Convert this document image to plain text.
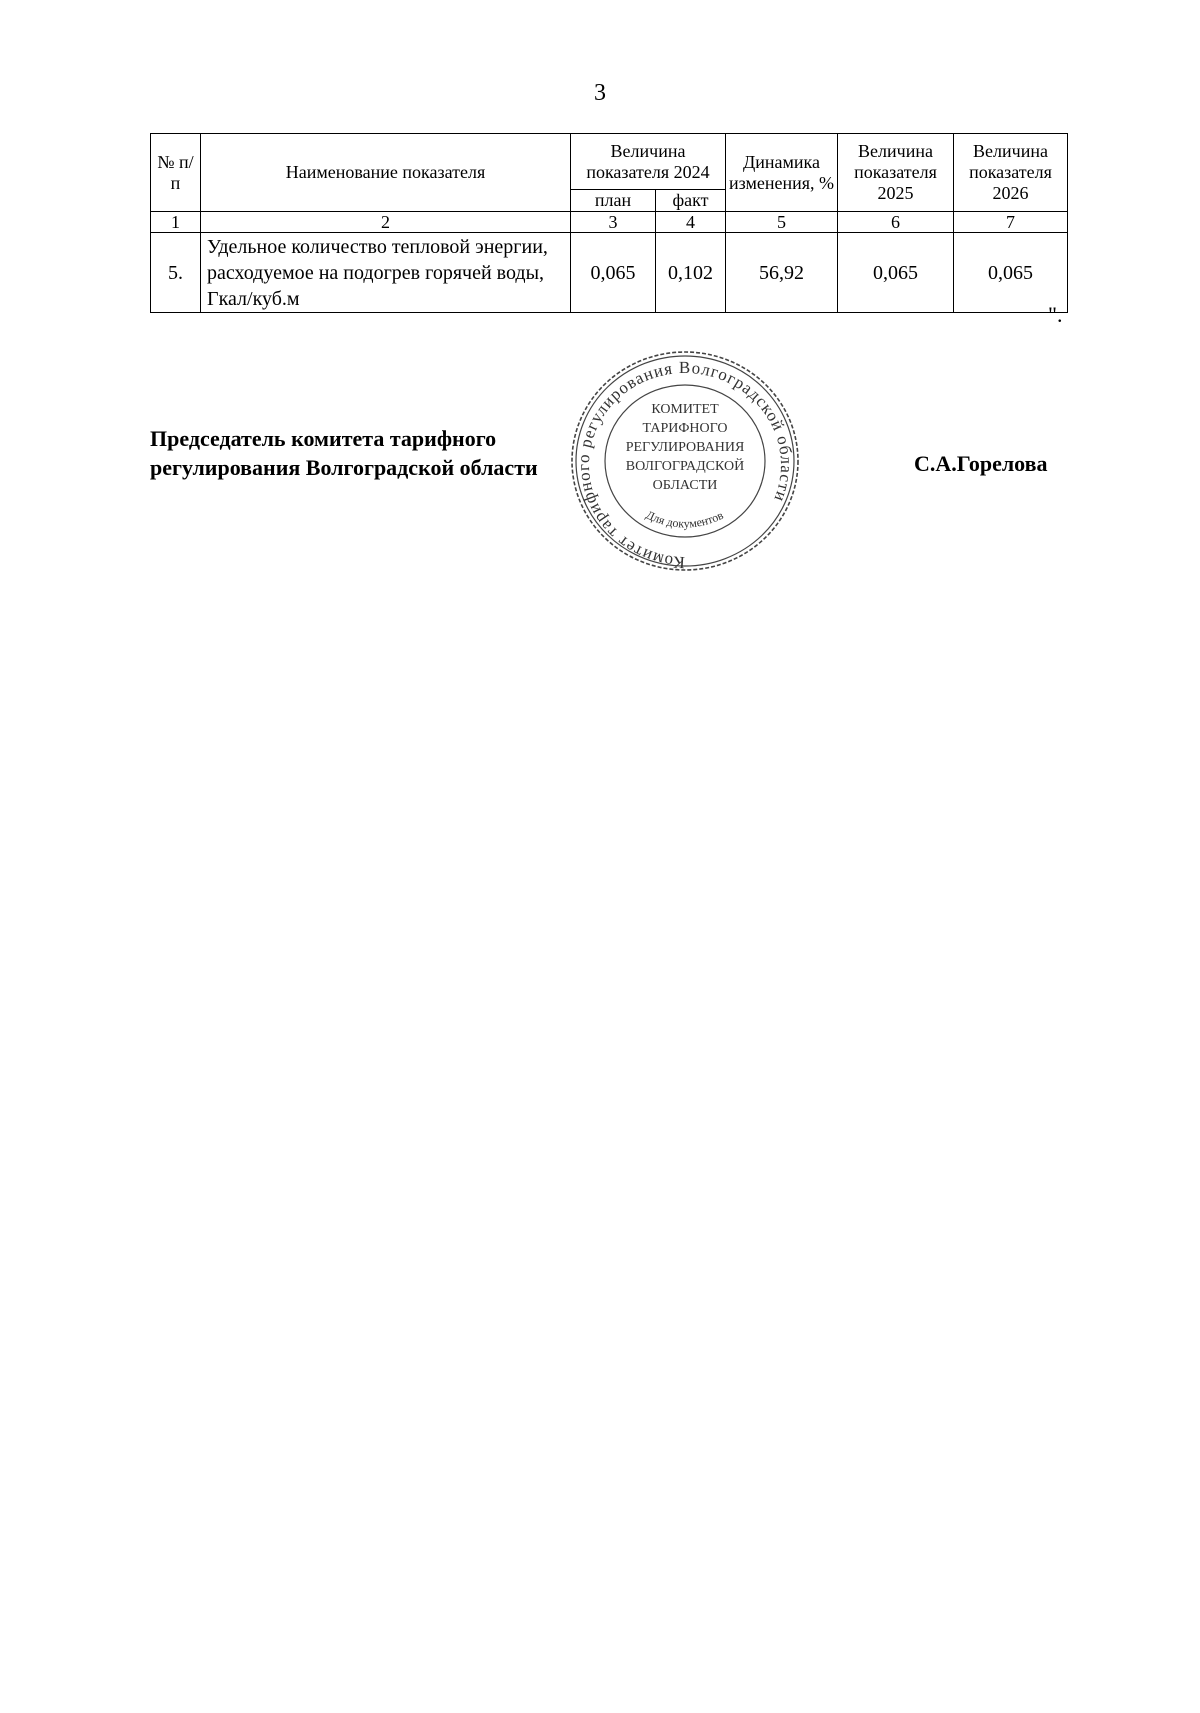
3
№ п/п	Наименование показателя	Величина показателя 2024		Динамика изменения, %	Величина показателя 2025	Величина показателя 2026
		план	факт			
1	2	3	4	5	6	7
5.	Удельное количество тепловой энергии, расходуемое на подогрев горячей воды, Гкал/куб.м	0,065	0,102	56,92	0,065	0,065
".
Комитет тарифного регулирования Волгоградской области
КОМИТЕТ
ТАРИФНОГО
РЕГУЛИРОВАНИЯ
ВОЛГОГРАДСКОЙ
ОБЛАСТИ
Для документов
Председатель комитета тарифного
регулирования Волгоградской области	С.А.Горелова
